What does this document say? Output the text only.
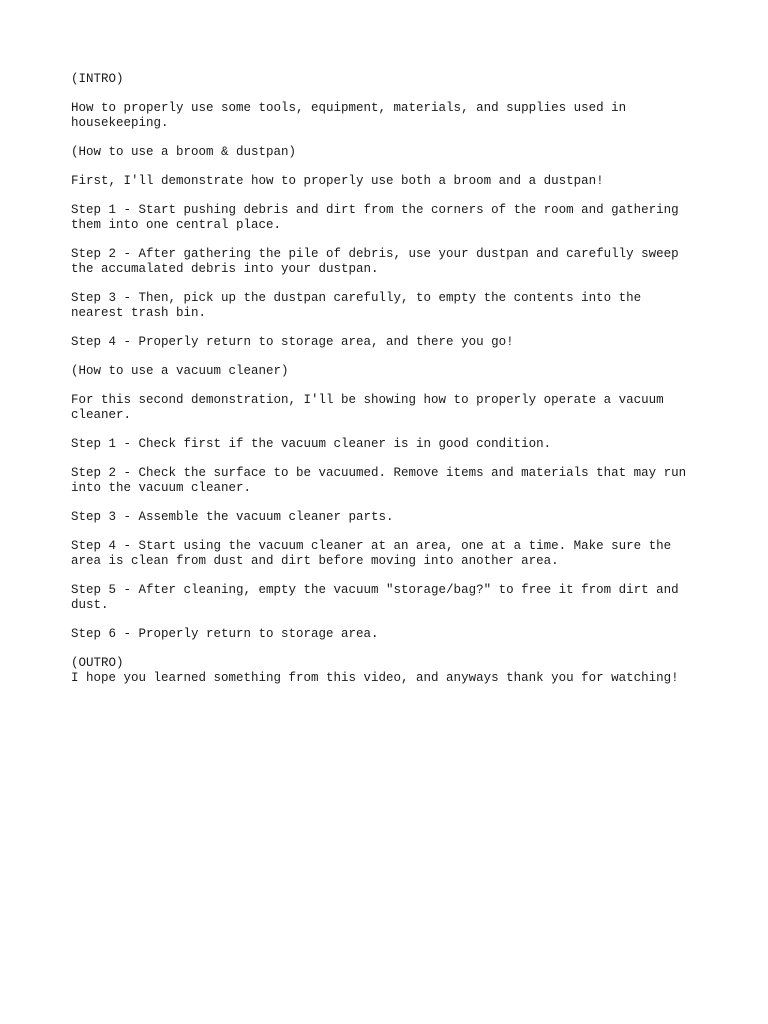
(INTRO)

How to properly use some tools, equipment, materials, and supplies used in
housekeeping.

(How to use a broom & dustpan)

First, I'll demonstrate how to properly use both a broom and a dustpan!

Step 1 - Start pushing debris and dirt from the corners of the room and gathering
them into one central place.

Step 2 - After gathering the pile of debris, use your dustpan and carefully sweep
the accumalated debris into your dustpan.

Step 3 - Then, pick up the dustpan carefully, to empty the contents into the
nearest trash bin.

Step 4 - Properly return to storage area, and there you go!

(How to use a vacuum cleaner)

For this second demonstration, I'll be showing how to properly operate a vacuum
cleaner.

Step 1 - Check first if the vacuum cleaner is in good condition.

Step 2 - Check the surface to be vacuumed. Remove items and materials that may run
into the vacuum cleaner.

Step 3 - Assemble the vacuum cleaner parts.

Step 4 - Start using the vacuum cleaner at an area, one at a time. Make sure the
area is clean from dust and dirt before moving into another area.

Step 5 - After cleaning, empty the vacuum "storage/bag?" to free it from dirt and
dust.

Step 6 - Properly return to storage area.

(OUTRO)

I hope you learned something from this video, and anyways thank you for watching!
